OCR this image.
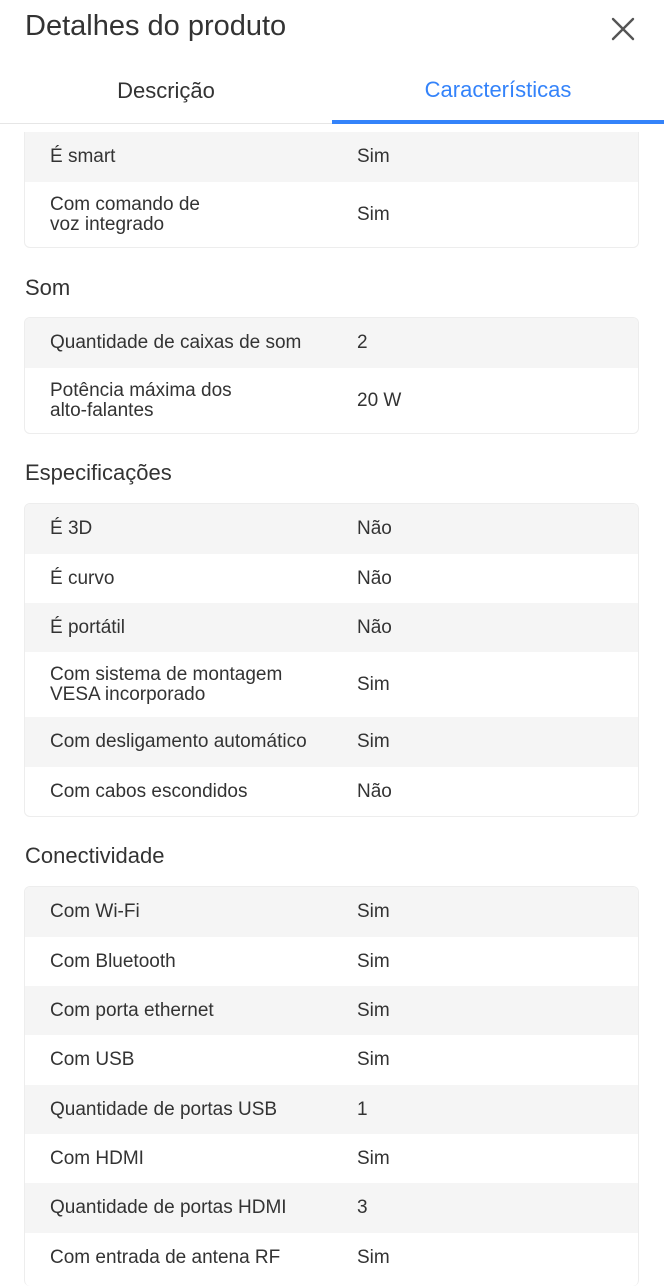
Detalhes do produto
Descrição	Características
É smart	Sim
Com comando de
voz integrado	Sim
Som
Quantidade de caixas de som	2
Potência máxima dos
alto-falantes	20 W
Especificações
É 3D	Não
É curvo	Não
É portátil	Não
Com sistema de montagem
VESA incorporado	Sim
Com desligamento automático	Sim
Com cabos escondidos	Não
Conectividade
Com Wi-Fi	Sim
Com Bluetooth	Sim
Com porta ethernet	Sim
Com USB	Sim
Quantidade de portas USB	1
Com HDMI	Sim
Quantidade de portas HDMI	3
Com entrada de antena RF	Sim
